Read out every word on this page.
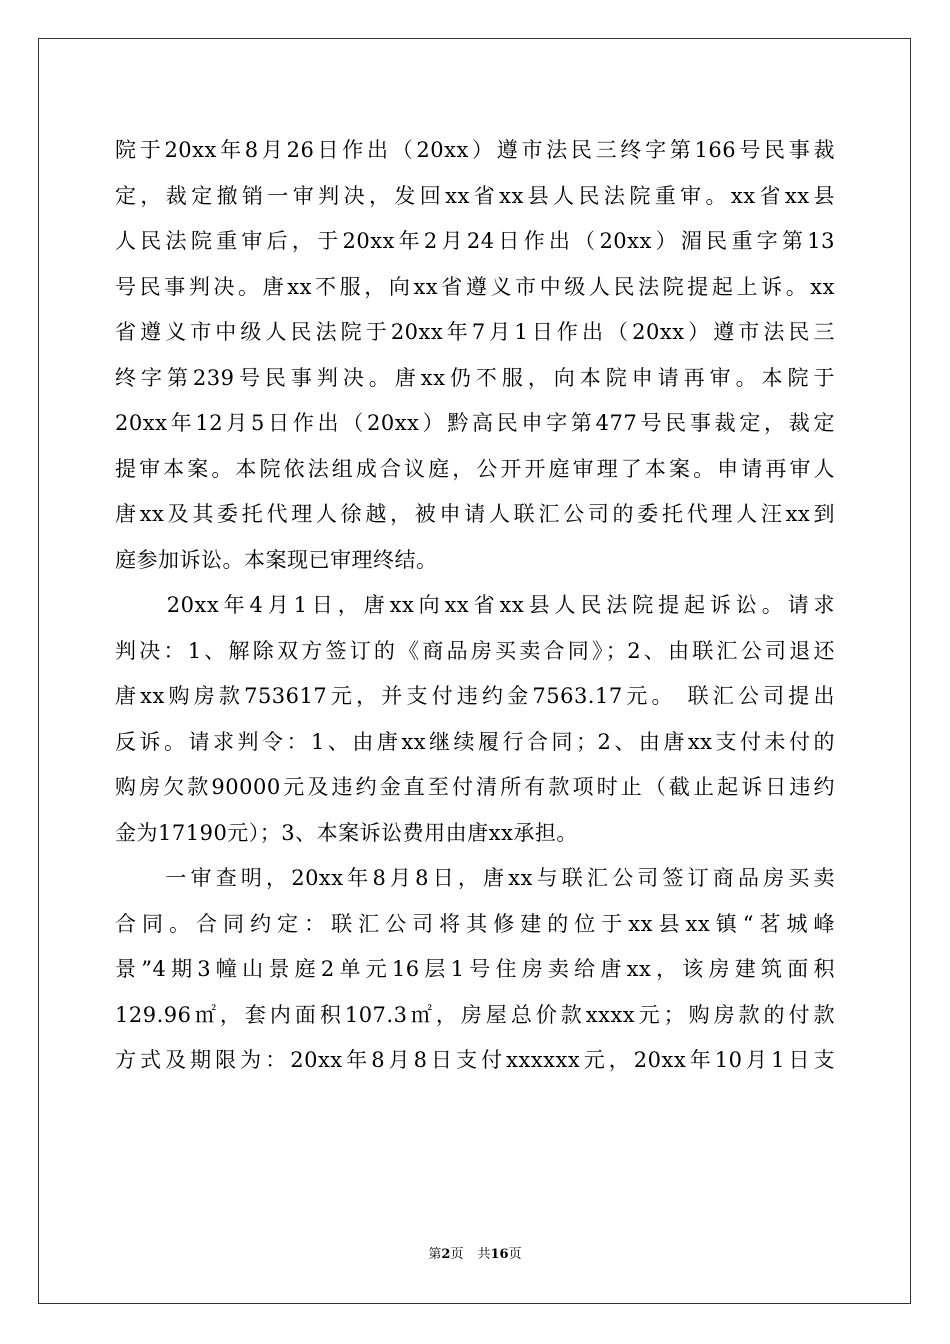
院于20xx年8月26日作出（20xx）遵市法民三终字第166号民事裁
定，裁定撤销一审判决，发回xx省xx县人民法院重审。xx省xx县
人民法院重审后，于20xx年2月24日作出（20xx）湄民重字第13
号民事判决。唐xx不服，向xx省遵义市中级人民法院提起上诉。xx
省遵义市中级人民法院于20xx年7月1日作出（20xx）遵市法民三
终字第239号民事判决。唐xx仍不服，向本院申请再审。本院于
20xx年12月5日作出（20xx）黔高民申字第477号民事裁定，裁定
提审本案。本院依法组成合议庭，公开开庭审理了本案。申请再审人
唐xx及其委托代理人徐越，被申请人联汇公司的委托代理人汪xx到
庭参加诉讼。本案现已审理终结。
　　20xx年4月1日，唐xx向xx省xx县人民法院提起诉讼。请求
判决：1、解除双方签订的《商品房买卖合同》；2、由联汇公司退还
唐xx购房款753617元，并支付违约金7563.17元。 联汇公司提出
反诉。请求判令：1、由唐xx继续履行合同；2、由唐xx支付未付的
购房欠款90000元及违约金直至付清所有款项时止（截止起诉日违约
金为17190元）；3、本案诉讼费用由唐xx承担。
　　一审查明，20xx年8月8日，唐xx与联汇公司签订商品房买卖
合同。合同约定：联汇公司将其修建的位于xx县xx镇“茗城峰
景”4期3幢山景庭2单元16层1号住房卖给唐xx，该房建筑面积
129.96㎡，套内面积107.3㎡，房屋总价款xxxx元；购房款的付款
方式及期限为：20xx年8月8日支付xxxxxx元，20xx年10月1日支
第2页 共16页
